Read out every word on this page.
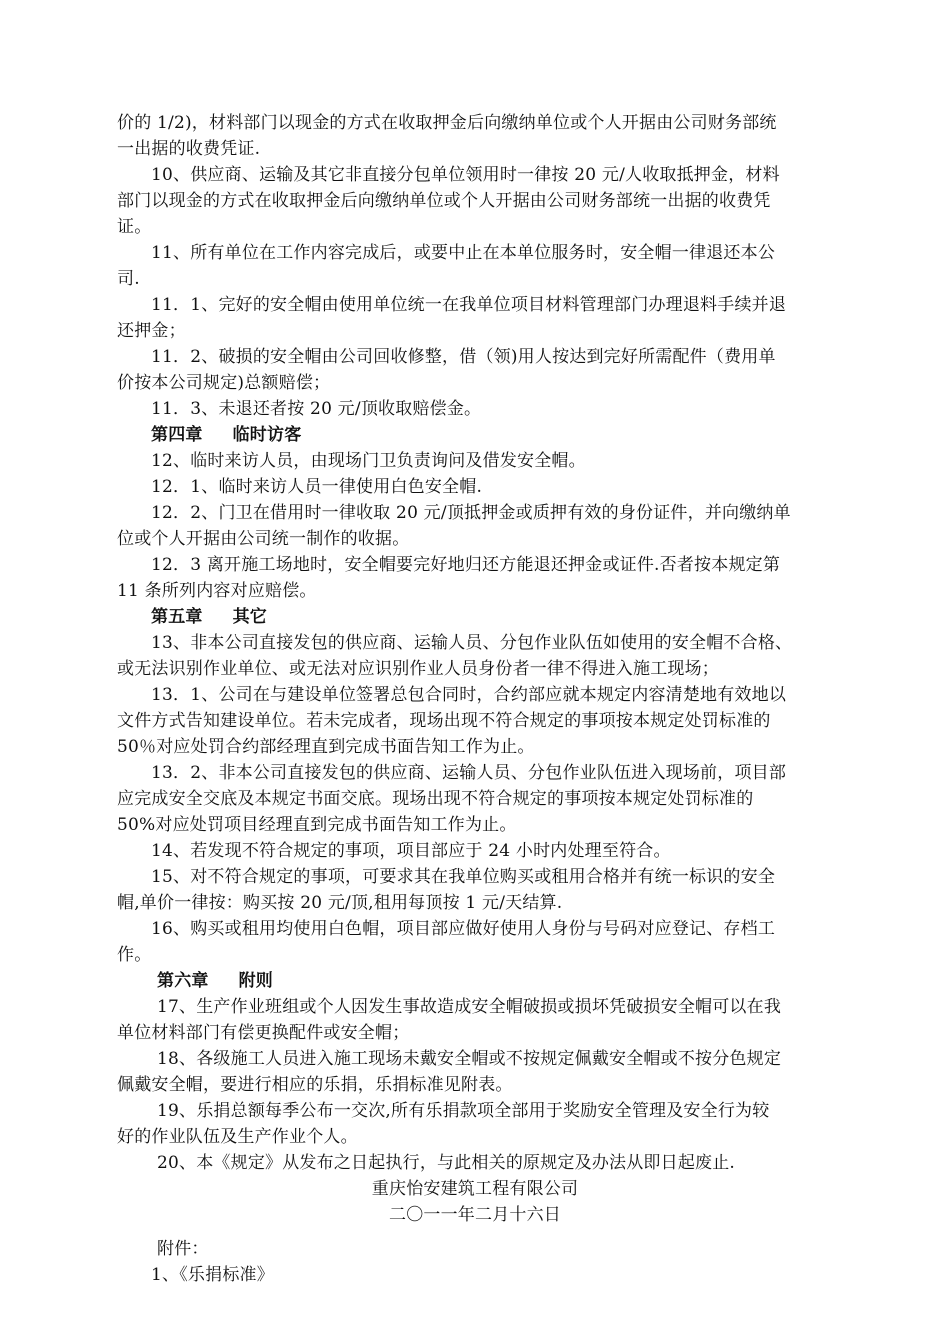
价的 1/2)，材料部门以现金的方式在收取押金后向缴纳单位或个人开据由公司财务部统
一出据的收费凭证.
10、供应商、运输及其它非直接分包单位领用时一律按 20 元/人收取抵押金，材料
部门以现金的方式在收取押金后向缴纳单位或个人开据由公司财务部统一出据的收费凭
证。
11、所有单位在工作内容完成后，或要中止在本单位服务时，安全帽一律退还本公
司.
11．1、完好的安全帽由使用单位统一在我单位项目材料管理部门办理退料手续并退
还押金；
11．2、破损的安全帽由公司回收修整，借（领)用人按达到完好所需配件（费用单
价按本公司规定)总额赔偿；
11．3、未退还者按 20 元/顶收取赔偿金。
第四章 临时访客
12、临时来访人员，由现场门卫负责询问及借发安全帽。
12．1、临时来访人员一律使用白色安全帽.
12．2、门卫在借用时一律收取 20 元/顶抵押金或质押有效的身份证件，并向缴纳单
位或个人开据由公司统一制作的收据。
12．3 离开施工场地时，安全帽要完好地归还方能退还押金或证件.否者按本规定第
11 条所列内容对应赔偿。
第五章 其它
13、非本公司直接发包的供应商、运输人员、分包作业队伍如使用的安全帽不合格、
或无法识别作业单位、或无法对应识别作业人员身份者一律不得进入施工现场；
13．1、公司在与建设单位签署总包合同时，合约部应就本规定内容清楚地有效地以
文件方式告知建设单位。若未完成者，现场出现不符合规定的事项按本规定处罚标准的
50％对应处罚合约部经理直到完成书面告知工作为止。
13．2、非本公司直接发包的供应商、运输人员、分包作业队伍进入现场前，项目部
应完成安全交底及本规定书面交底。现场出现不符合规定的事项按本规定处罚标准的
50%对应处罚项目经理直到完成书面告知工作为止。
14、若发现不符合规定的事项，项目部应于 24 小时内处理至符合。
15、对不符合规定的事项，可要求其在我单位购买或租用合格并有统一标识的安全
帽,单价一律按：购买按 20 元/顶,租用每顶按 1 元/天结算.
16、购买或租用均使用白色帽，项目部应做好使用人身份与号码对应登记、存档工
作。
第六章 附则
17、生产作业班组或个人因发生事故造成安全帽破损或损坏凭破损安全帽可以在我
单位材料部门有偿更换配件或安全帽；
18、各级施工人员进入施工现场未戴安全帽或不按规定佩戴安全帽或不按分色规定
佩戴安全帽，要进行相应的乐捐，乐捐标准见附表。
19、乐捐总额每季公布一交次,所有乐捐款项全部用于奖励安全管理及安全行为较
好的作业队伍及生产作业个人。
20、本《规定》从发布之日起执行，与此相关的原规定及办法从即日起废止.
重庆怡安建筑工程有限公司
二〇一一年二月十六日
附件：
1、《乐捐标准》
